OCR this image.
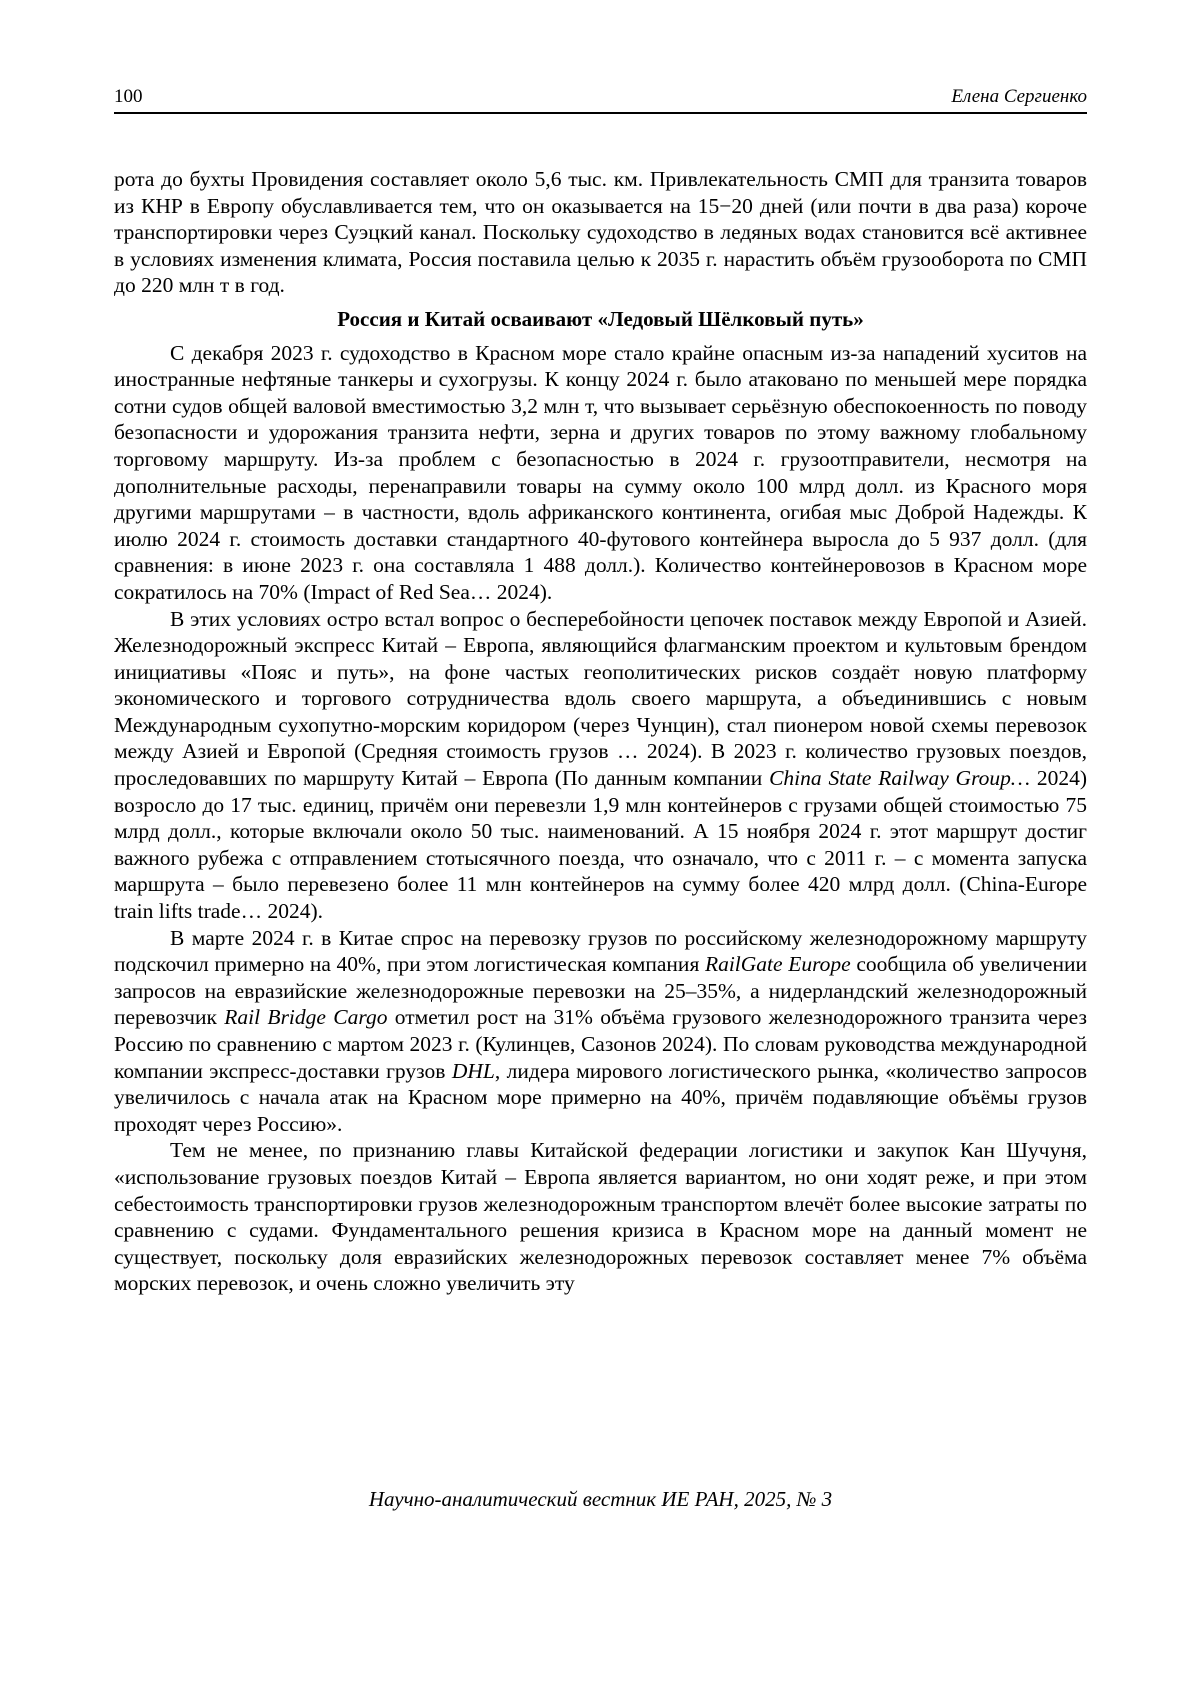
100	Елена Сергиенко

рота до бухты Провидения составляет около 5,6 тыс. км. Привлекательность СМП для транзита товаров из КНР в Европу обуславливается тем, что он оказывается на 15−20 дней (или почти в два раза) короче транспортировки через Суэцкий канал. Поскольку судоходство в ледяных водах становится всё активнее в условиях изменения климата, Россия поставила целью к 2035 г. нарастить объём грузооборота по СМП до 220 млн т в год.

Россия и Китай осваивают «Ледовый Шёлковый путь»

С декабря 2023 г. судоходство в Красном море стало крайне опасным из-за нападений хуситов на иностранные нефтяные танкеры и сухогрузы. К концу 2024 г. было атаковано по меньшей мере порядка сотни судов общей валовой вместимостью 3,2 млн т, что вызывает серьёзную обеспокоенность по поводу безопасности и удорожания транзита нефти, зерна и других товаров по этому важному глобальному торговому маршруту. Из-за проблем с безопасностью в 2024 г. грузоотправители, несмотря на дополнительные расходы, перенаправили товары на сумму около 100 млрд долл. из Красного моря другими маршрутами – в частности, вдоль африканского континента, огибая мыс Доброй Надежды. К июлю 2024 г. стоимость доставки стандартного 40-футового контейнера выросла до 5 937 долл. (для сравнения: в июне 2023 г. она составляла 1 488 долл.). Количество контейнеровозов в Красном море сократилось на 70% (Impact of Red Sea… 2024).

В этих условиях остро встал вопрос о бесперебойности цепочек поставок между Европой и Азией. Железнодорожный экспресс Китай – Европа, являющийся флагманским проектом и культовым брендом инициативы «Пояс и путь», на фоне частых геополитических рисков создаёт новую платформу экономического и торгового сотрудничества вдоль своего маршрута, а объединившись с новым Международным сухопутно-морским коридором (через Чунцин), стал пионером новой схемы перевозок между Азией и Европой (Средняя стоимость грузов … 2024). В 2023 г. количество грузовых поездов, проследовавших по маршруту Китай – Европа (По данным компании China State Railway Group… 2024) возросло до 17 тыс. единиц, причём они перевезли 1,9 млн контейнеров с грузами общей стоимостью 75 млрд долл., которые включали около 50 тыс. наименований. А 15 ноября 2024 г. этот маршрут достиг важного рубежа с отправлением стотысячного поезда, что означало, что с 2011 г. – с момента запуска маршрута – было перевезено более 11 млн контейнеров на сумму более 420 млрд долл. (China-Europe train lifts trade… 2024).

В марте 2024 г. в Китае спрос на перевозку грузов по российскому железнодорожному маршруту подскочил примерно на 40%, при этом логистическая компания RailGate Europe сообщила об увеличении запросов на евразийские железнодорожные перевозки на 25–35%, а нидерландский железнодорожный перевозчик Rail Bridge Cargo отметил рост на 31% объёма грузового железнодорожного транзита через Россию по сравнению с мартом 2023 г. (Кулинцев, Сазонов 2024). По словам руководства международной компании экспресс-доставки грузов DHL, лидера мирового логистического рынка, «количество запросов увеличилось с начала атак на Красном море примерно на 40%, причём подавляющие объёмы грузов проходят через Россию».

Тем не менее, по признанию главы Китайской федерации логистики и закупок Кан Шучуня, «использование грузовых поездов Китай – Европа является вариантом, но они ходят реже, и при этом себестоимость транспортировки грузов железнодорожным транспортом влечёт более высокие затраты по сравнению с судами. Фундаментального решения кризиса в Красном море на данный момент не существует, поскольку доля евразийских железнодорожных перевозок составляет менее 7% объёма морских перевозок, и очень сложно увеличить эту

Научно-аналитический вестник ИЕ РАН, 2025, № 3
